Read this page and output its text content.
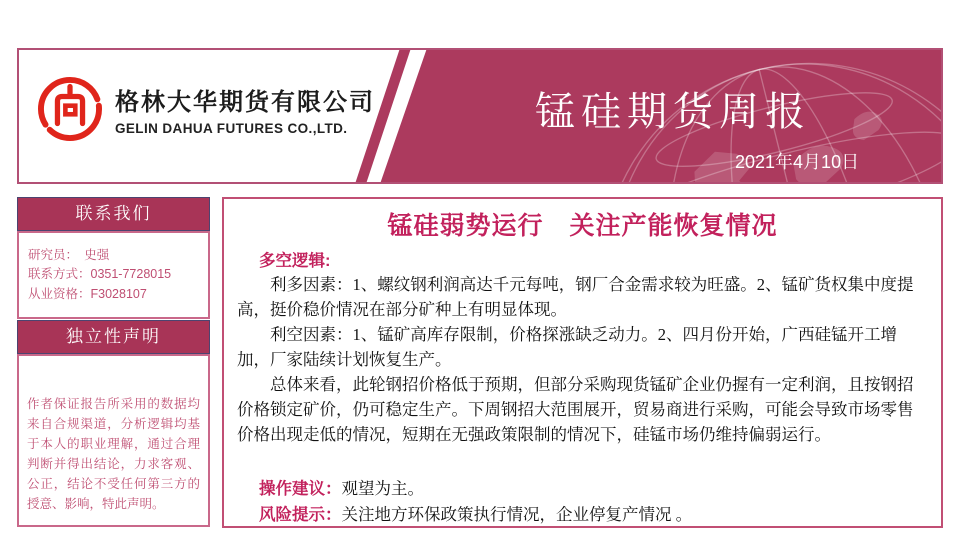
锰硅期货周报
2021年4月10日
格林大华期货有限公司
GELIN DAHUA FUTURES CO.,LTD.
联系我们
研究员：　史强
联系方式：0351-7728015
从业资格：F3028107
独立性声明
作者保证报告所采用的数据均来自合规渠道，分析逻辑均基于本人的职业理解，通过合理判断并得出结论，力求客观、公正，结论不受任何第三方的授意、影响，特此声明。
锰硅弱势运行　关注产能恢复情况
多空逻辑:

利多因素：1、螺纹钢利润高达千元每吨，钢厂合金需求较为旺盛。2、锰矿货权集中度提高，挺价稳价情况在部分矿种上有明显体现。

利空因素：1、锰矿高库存限制，价格探涨缺乏动力。2、四月份开始，广西硅锰开工增加，厂家陆续计划恢复生产。

总体来看，此轮钢招价格低于预期，但部分采购现货锰矿企业仍握有一定利润，且按钢招价格锁定矿价，仍可稳定生产。下周钢招大范围展开，贸易商进行采购，可能会导致市场零售价格出现走低的情况，短期在无强政策限制的情况下，硅锰市场仍维持偏弱运行。

操作建议：观望为主。
风险提示：关注地方环保政策执行情况，企业停复产情况 。
